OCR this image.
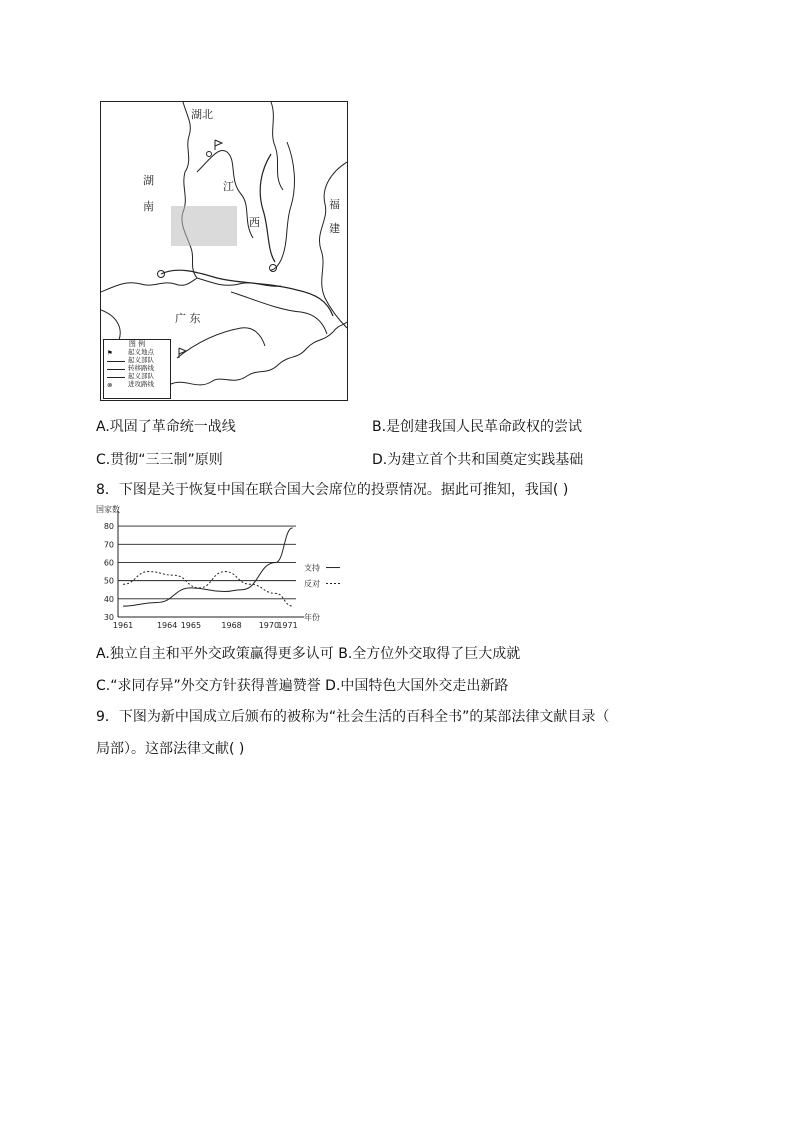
湖北
湖
南
江
西
福
建
广 东
图 例
⚑	起义地点
起义部队
转移路线
起义部队
⊗	进攻路线
A.巩固了革命统一战线	B.是创建我国人民革命政权的尝试
C.贯彻“三三制”原则	D.为建立首个共和国奠定实践基础
8．下图是关于恢复中国在联合国大会席位的投票情况。据此可推知，我国( )
30
40
50
60
70
80
1961	1964 1965	1968 1970
1971
国家数
年份
支持
反对
A.独立自主和平外交政策赢得更多认可 B.全方位外交取得了巨大成就
C.“求同存异”外交方针获得普遍赞誉 D.中国特色大国外交走出新路
9．下图为新中国成立后颁布的被称为“社会生活的百科全书”的某部法律文献目录（
局部）。这部法律文献( )
